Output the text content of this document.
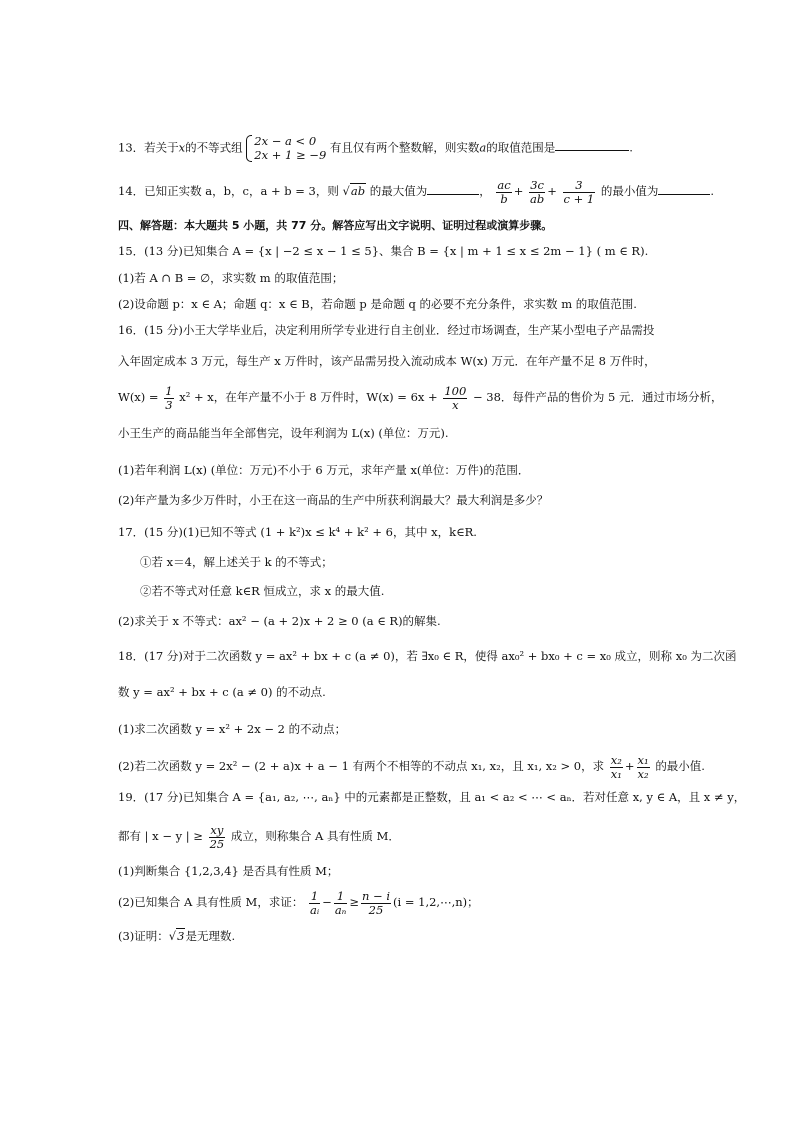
13．若关于x的不等式组 2x − a < 0
2x + 1 ≥ −9
有且仅有两个整数解，则实数a的取值范围是	.
14．已知正实数 a，b，c，a + b = 3，则 √ab 的最大值为	， $\frac{ac}{b} + \frac{3c}{ab} + \frac{3}{c + 1}$ 的最小值为	.
四、解答题：本大题共 5 小题，共 77 分。解答应写出文字说明、证明过程或演算步骤。
15．(13 分)已知集合 A = {x | −2 ≤ x − 1 ≤ 5}、集合 B = {x | m + 1 ≤ x ≤ 2m − 1} ( m ∈ R).
(1)若 A ∩ B = ∅，求实数 m 的取值范围；
(2)设命题 p：x ∈ A；命题 q：x ∈ B，若命题 p 是命题 q 的必要不充分条件，求实数 m 的取值范围.
16．(15 分)小王大学毕业后，决定利用所学专业进行自主创业．经过市场调查，生产某小型电子产品需投
入年固定成本 3 万元，每生产 x 万件时，该产品需另投入流动成本 W(x) 万元．在年产量不足 8 万件时，
$W(x) = \frac{1}{3} x^2 + x$，在年产量不小于 8 万件时，$W(x) = 6x + \frac{100}{x} - 38$．每件产品的售价为 5 元．通过市场分析，
小王生产的商品能当年全部售完，设年利润为 L(x) (单位：万元).
(1)若年利润 L(x) (单位：万元)不小于 6 万元，求年产量 x(单位：万件)的范围．
(2)年产量为多少万件时，小王在这一商品的生产中所获利润最大？最大利润是多少？
17．(15 分)(1)已知不等式 (1 + k²)x ≤ k⁴ + k² + 6，其中 x，k∈R.
①若 x＝4，解上述关于 k 的不等式；
②若不等式对任意 k∈R 恒成立，求 x 的最大值.
(2)求关于 x 不等式：ax² − (a + 2)x + 2 ≥ 0 (a ∈ R)的解集.
18．(17 分)对于二次函数 y = ax² + bx + c (a ≠ 0)，若 ∃x₀ ∈ R，使得 ax₀² + bx₀ + c = x₀ 成立，则称 x₀ 为二次函
数 y = ax² + bx + c (a ≠ 0) 的不动点.
(1)求二次函数 y = x² + 2x − 2 的不动点；
(2)若二次函数 y = 2x² − (2 + a)x + a − 1 有两个不相等的不动点 x₁, x₂，且 x₁, x₂ > 0，求 $\frac{\text{x₂}}{\text{x₁}} + \frac{\text{x₁}}{\text{x₂}}$ 的最小值.
19．(17 分)已知集合 A = {a₁, a₂, ⋯, aₙ} 中的元素都是正整数，且 a₁ < a₂ < ⋯ < aₙ．若对任意 x, y ∈ A，且 x ≠ y，
都有 | x − y | ≥ $\frac{xy}{25}$ 成立，则称集合 A 具有性质 M．
(1)判断集合 {1,2,3,4} 是否具有性质 M；
(2)已知集合 A 具有性质 M，求证： $\frac{1}{\text{aᵢ}} - \frac{1}{\text{aₙ}} \ge \frac{n - i}{25} (i$ = 1,2,⋯,n)；
(3)证明：√3是无理数.
